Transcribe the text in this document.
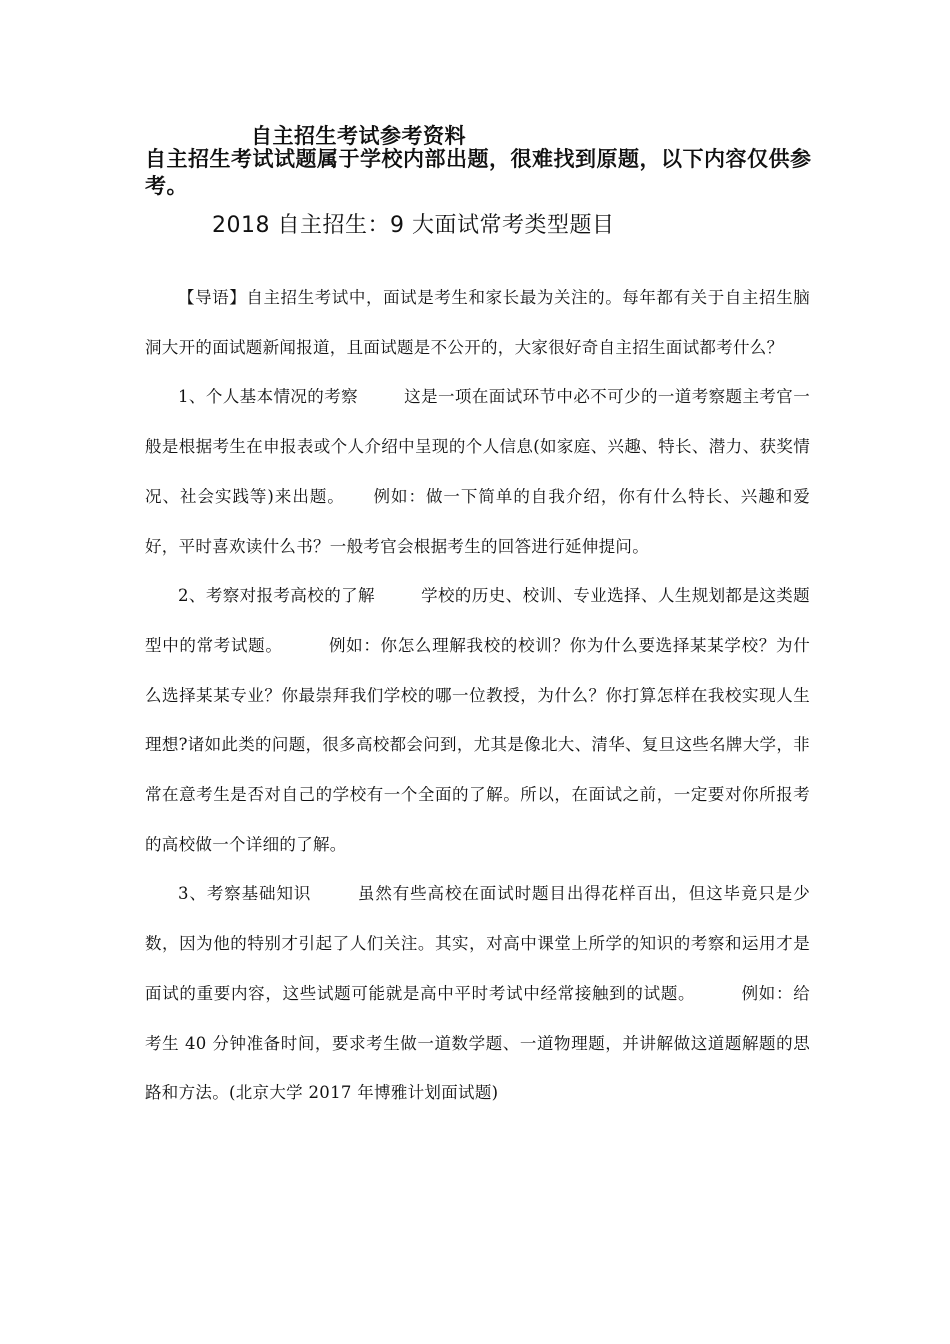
自主招生考试参考资料
自主招生考试试题属于学校内部出题，很难找到原题，以下内容仅供参考。
2018 自主招生：9 大面试常考类型题目

【导语】自主招生考试中，面试是考生和家长最为关注的。每年都有关于自主招生脑洞大开的面试题新闻报道，且面试题是不公开的，大家很好奇自主招生面试都考什么？

1、个人基本情况的考察	这是一项在面试环节中必不可少的一道考察题主考官一般是根据考生在申报表或个人介绍中呈现的个人信息(如家庭、兴趣、特长、潜力、获奖情况、社会实践等)来出题。 例如：做一下简单的自我介绍，你有什么特长、兴趣和爱好，平时喜欢读什么书？一般考官会根据考生的回答进行延伸提问。

2、考察对报考高校的了解	学校的历史、校训、专业选择、人生规划都是这类题型中的常考试题。	例如：你怎么理解我校的校训？你为什么要选择某某学校？为什么选择某某专业？你最崇拜我们学校的哪一位教授，为什么？你打算怎样在我校实现人生理想?诸如此类的问题，很多高校都会问到，尤其是像北大、清华、复旦这些名牌大学，非常在意考生是否对自己的学校有一个全面的了解。所以，在面试之前，一定要对你所报考的高校做一个详细的了解。

3、考察基础知识	虽然有些高校在面试时题目出得花样百出，但这毕竟只是少数，因为他的特别才引起了人们关注。其实，对高中课堂上所学的知识的考察和运用才是面试的重要内容，这些试题可能就是高中平时考试中经常接触到的试题。	例如：给考生 40 分钟准备时间，要求考生做一道数学题、一道物理题，并讲解做这道题解题的思路和方法。(北京大学 2017 年博雅计划面试题)
